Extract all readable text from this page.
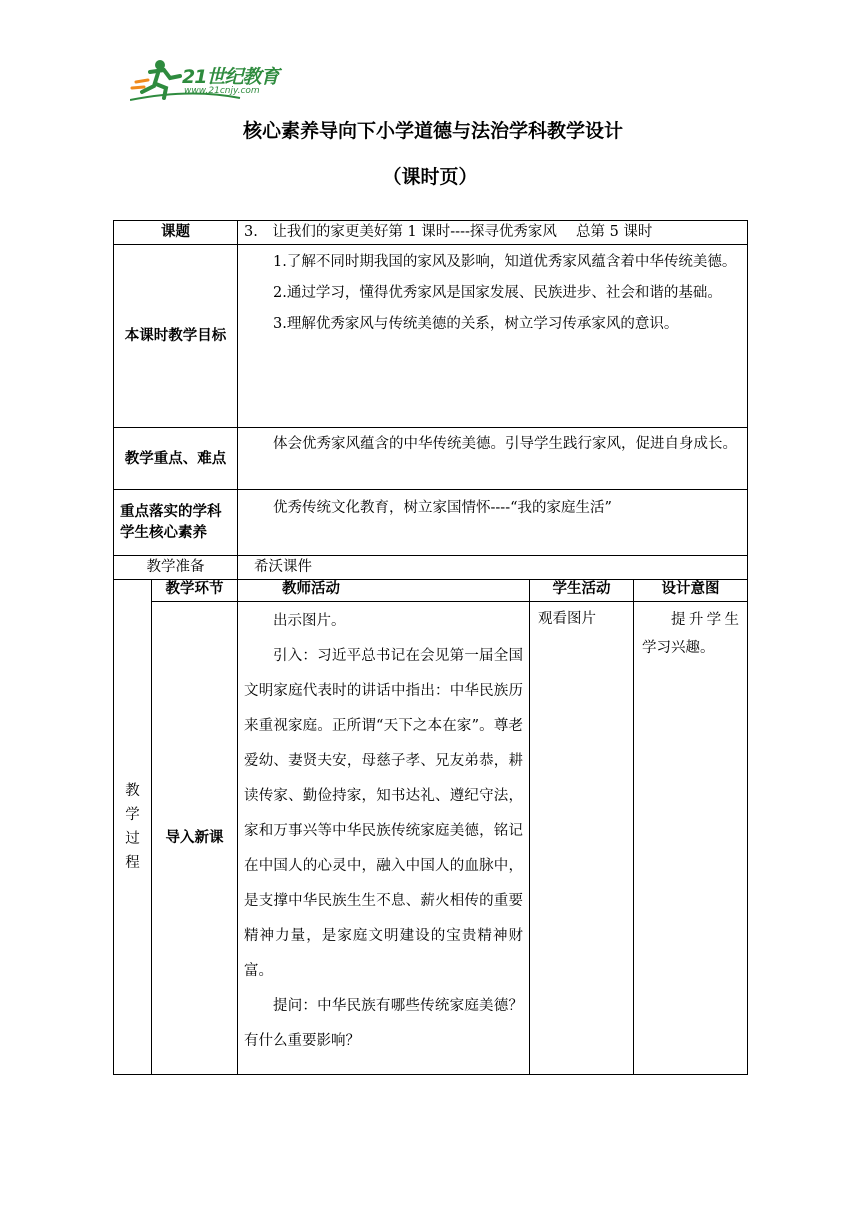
21世纪教育
www.21cnjy.com
核心素养导向下小学道德与法治学科教学设计
（课时页）
课题		3.　让我们的家更美好第 1 课时----探寻优秀家风　 总第 5 课时		
本课时教学目标		1.了解不同时期我国的家风及影响，知道优秀家风蕴含着中华传统美德。

2.通过学习，懂得优秀家风是国家发展、民族进步、社会和谐的基础。

3.理解优秀家风与传统美德的关系，树立学习传承家风的意识。		

教学重点、难点		体会优秀家风蕴含的中华传统美德。引导学生践行家风，促进自身成长。		

重点落实的学科学生核心素养		优秀传统文化教育，树立家国情怀----“我的家庭生活”		

教学准备		希沃课件		
教学过程	教学环节	教师活动	学生活动	设计意图
	导入新课	出示图片。

引入：习近平总书记在会见第一届全国文明家庭代表时的讲话中指出：中华民族历来重视家庭。正所谓“天下之本在家”。尊老爱幼、妻贤夫安，母慈子孝、兄友弟恭，耕读传家、勤俭持家，知书达礼、遵纪守法，家和万事兴等中华民族传统家庭美德，铭记在中国人的心灵中，融入中国人的血脉中，是支撑中华民族生生不息、薪火相传的重要精神力量，是家庭文明建设的宝贵精神财富。

提问：中华民族有哪些传统家庭美德？有什么重要影响？	观看图片	提升学生学习兴趣。
